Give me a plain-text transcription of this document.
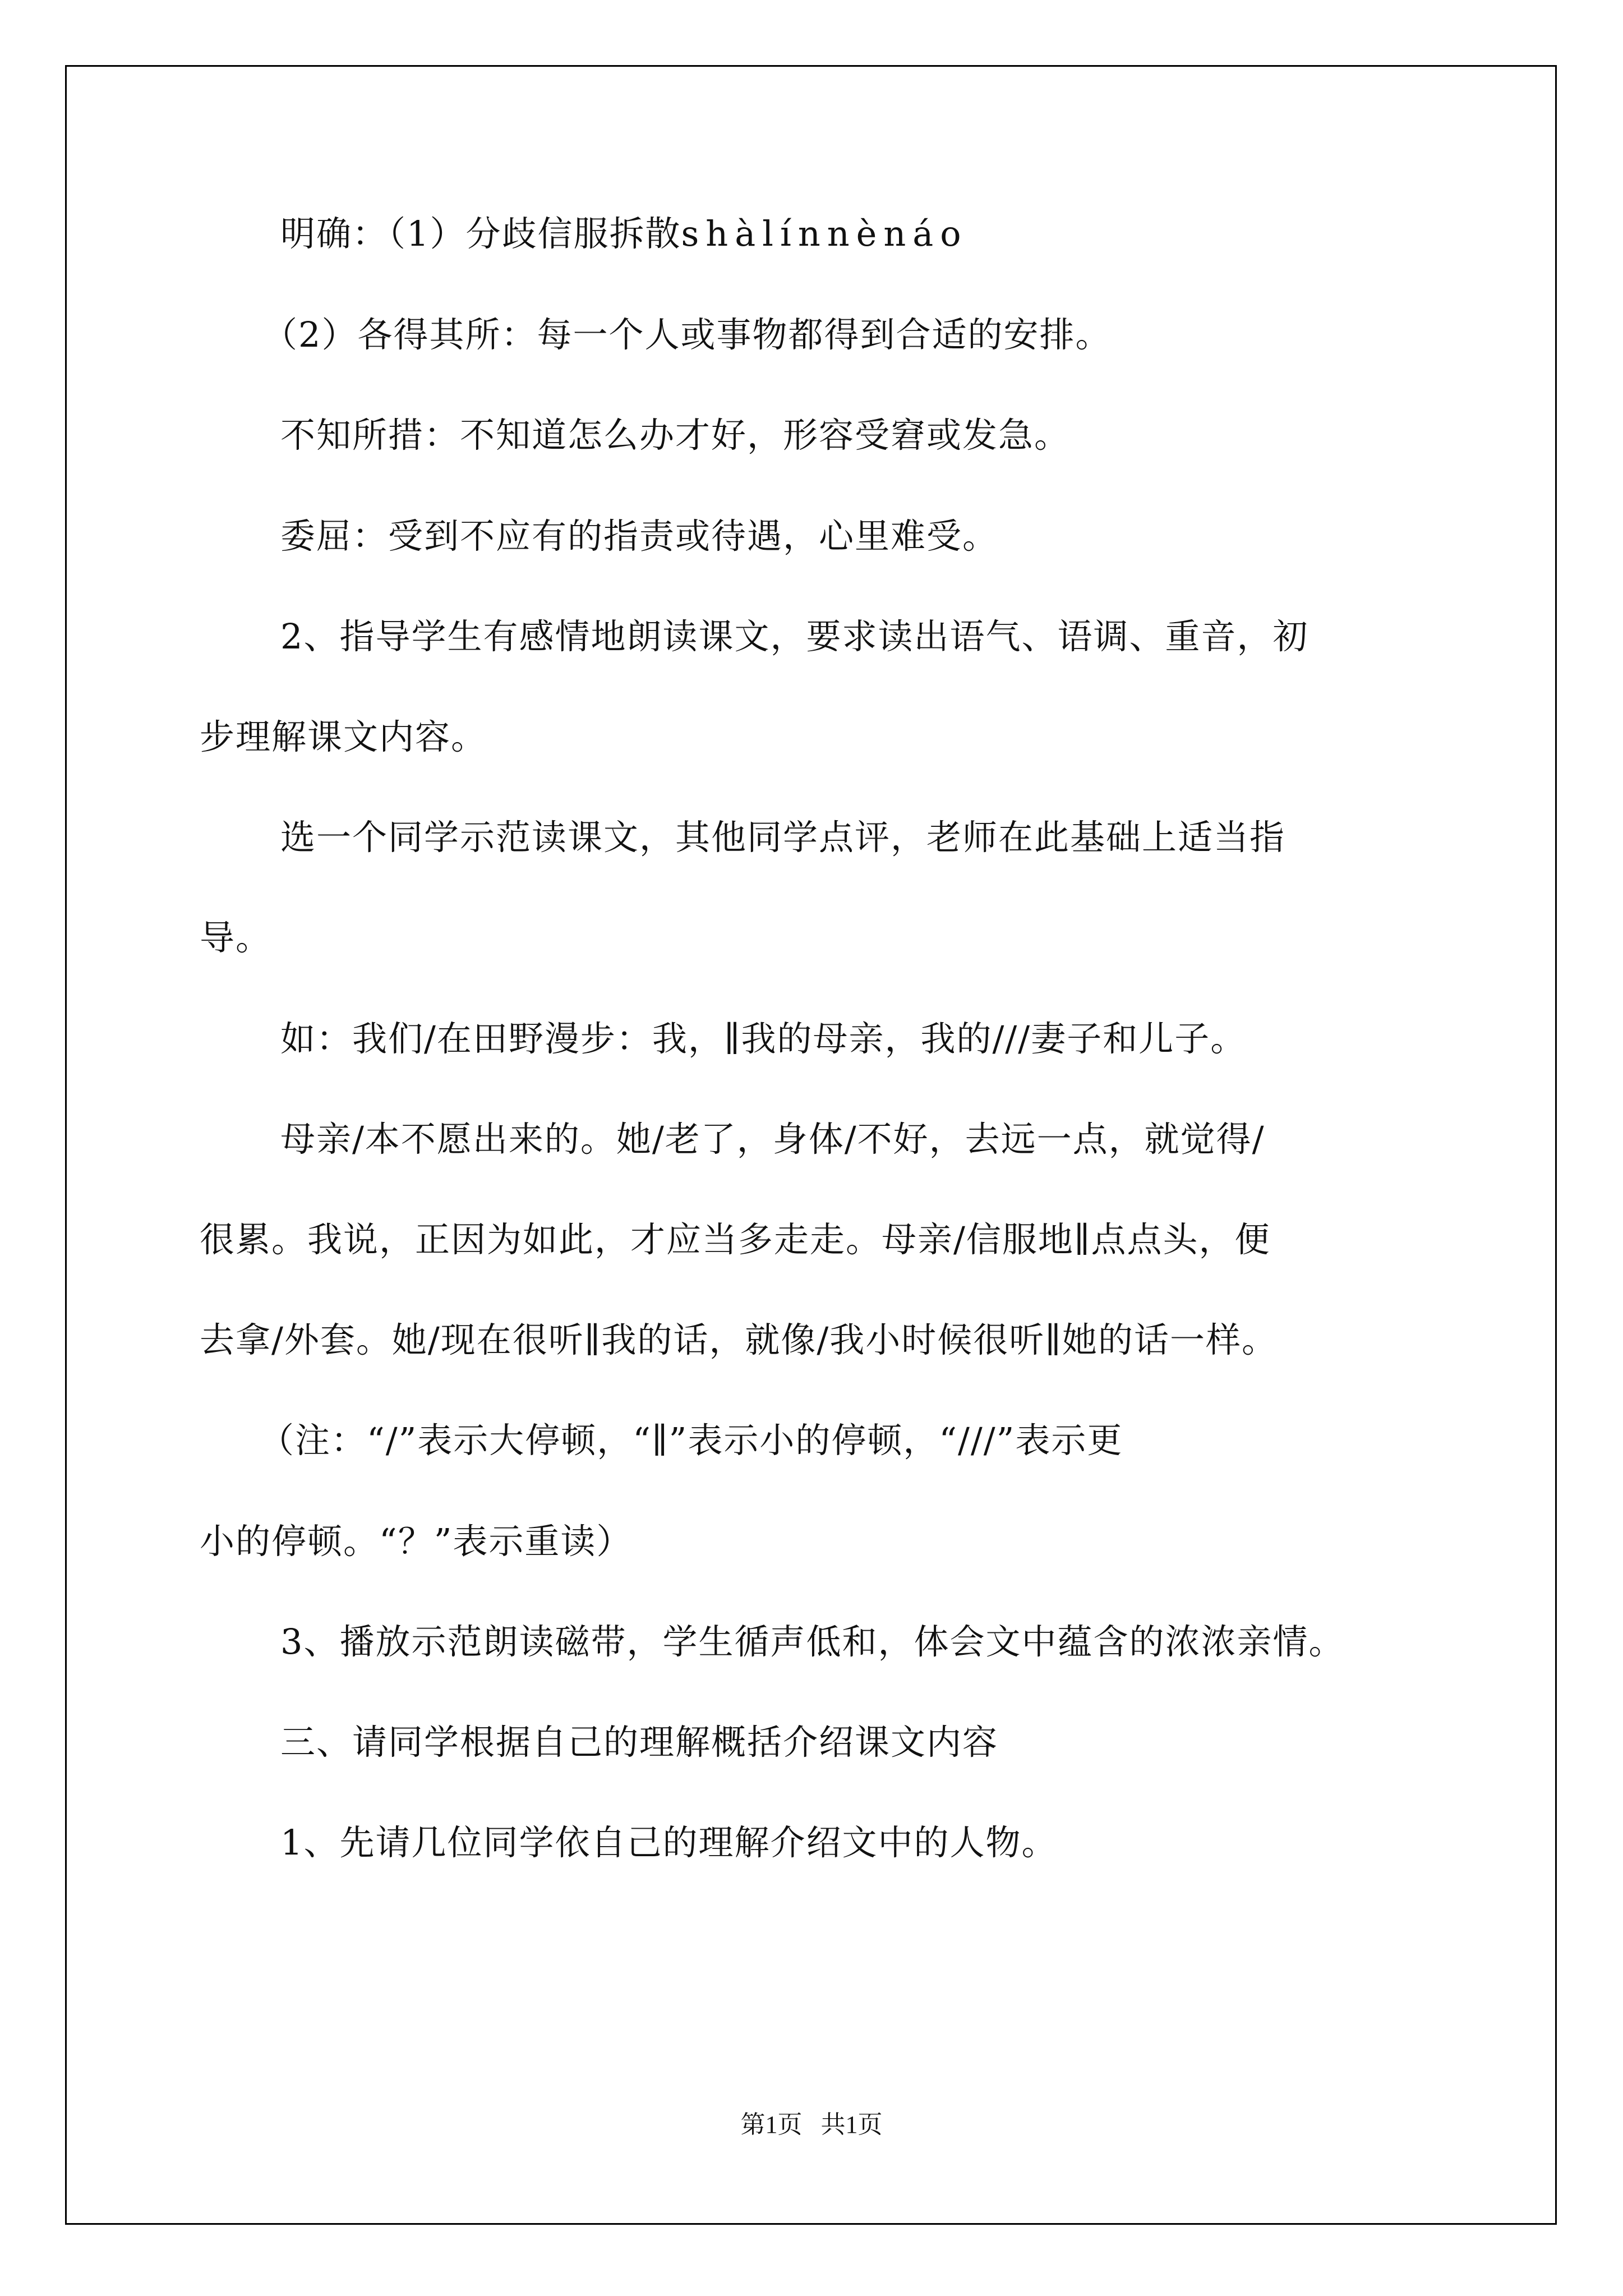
明确：（1）分歧信服拆散shàlínnènáo
（2）各得其所：每一个人或事物都得到合适的安排。
不知所措：不知道怎么办才好，形容受窘或发急。
委屈：受到不应有的指责或待遇，心里难受。
2、指导学生有感情地朗读课文，要求读出语气、语调、重音，初
步理解课文内容。
选一个同学示范读课文，其他同学点评，老师在此基础上适当指
导。
如：我们/在田野漫步：我，∥我的母亲，我的///妻子和儿子。
母亲/本不愿出来的。她/老了，身体/不好，去远一点，就觉得/
很累。我说，正因为如此，才应当多走走。母亲/信服地∥点点头，便
去拿/外套。她/现在很听∥我的话，就像/我小时候很听∥她的话一样。
（注：“/”表示大停顿，“∥”表示小的停顿，“///”表示更
小的停顿。“？”表示重读）
3、播放示范朗读磁带，学生循声低和，体会文中蕴含的浓浓亲情。
三、请同学根据自己的理解概括介绍课文内容
1、先请几位同学依自己的理解介绍文中的人物。
第1页   共1页
